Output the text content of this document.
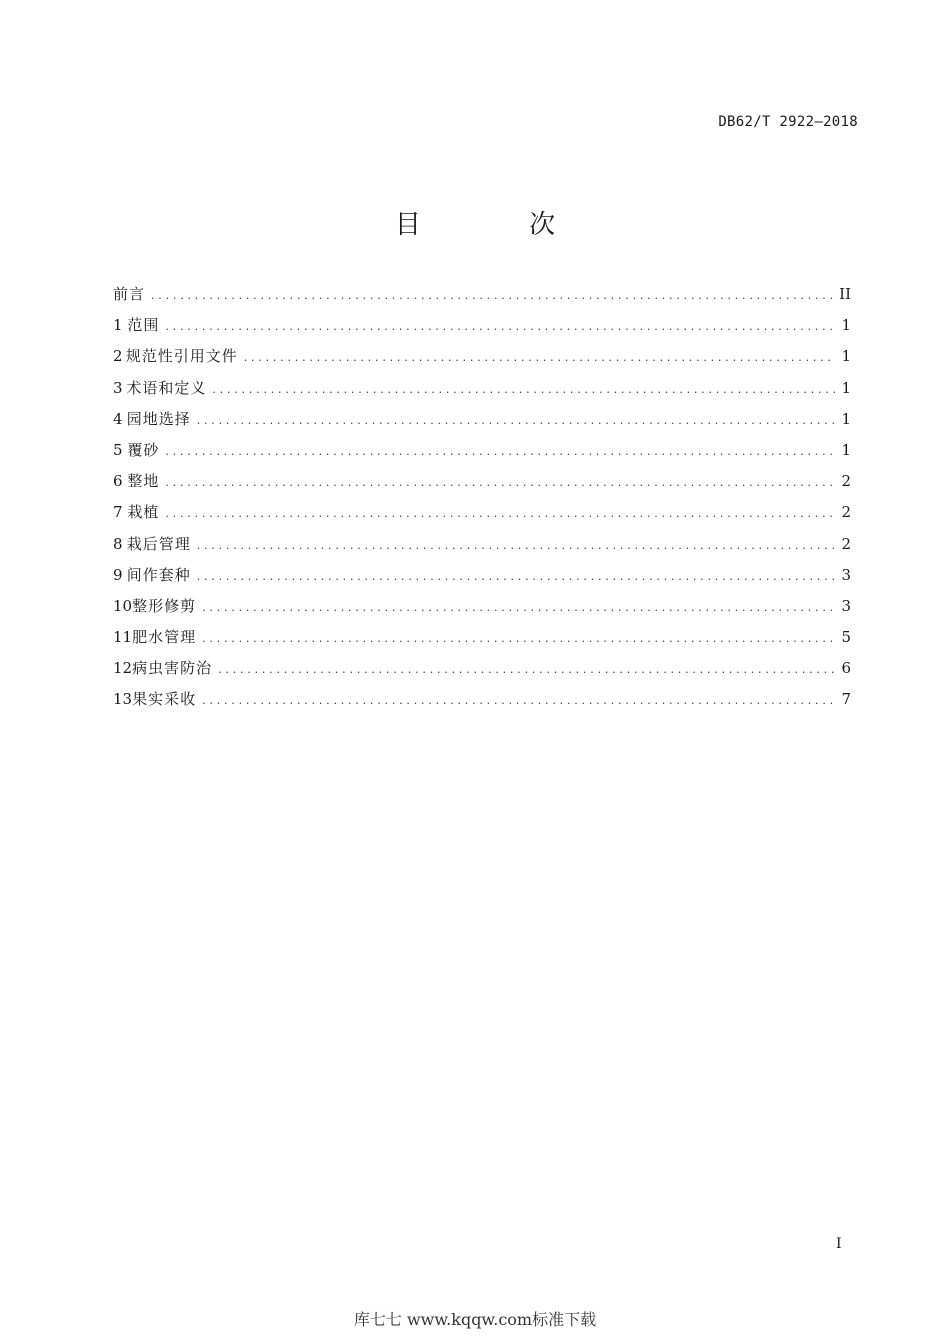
DB62/T 2922—2018
目 次
前言 .....	II
1 范围 .....	1
2 规范性引用文件 .....	1
3 术语和定义 .....	1
4 园地选择 .....	1
5 覆砂 .....	1
6 整地 .....	2
7 栽植 .....	2
8 栽后管理 .....	2
9 间作套种 .....	3
10 整形修剪 .....	3
11 肥水管理 .....	5
12 病虫害防治 .....	6
13 果实采收 .....	7
I
库七七 www.kqqw.com标准下载
